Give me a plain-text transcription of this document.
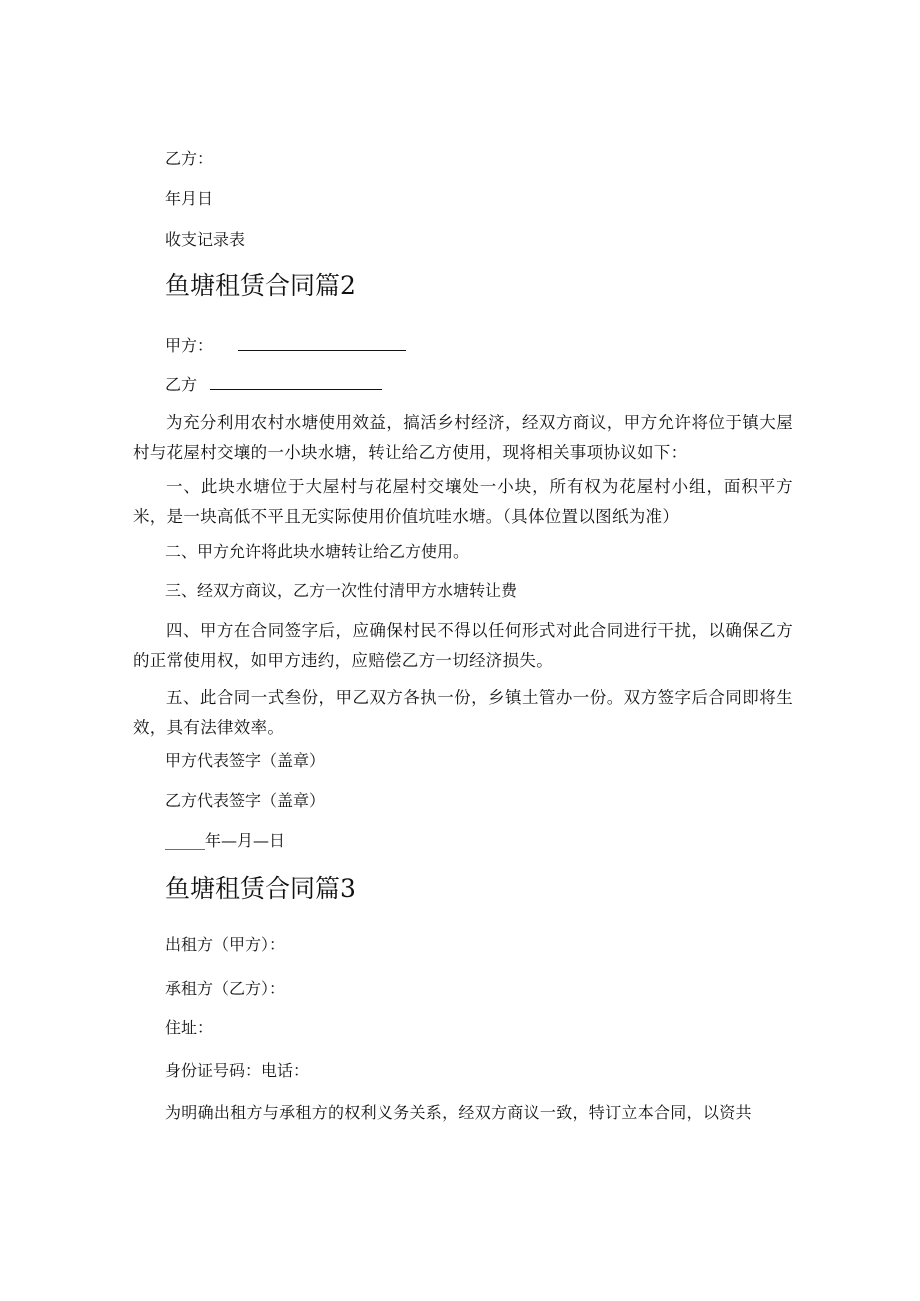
乙方：

年月日

收支记录表

鱼塘租赁合同篇2
甲方：
乙方

为充分利用农村水塘使用效益，搞活乡村经济，经双方商议，甲方允许将位于镇大屋村与花屋村交壤的一小块水塘，转让给乙方使用，现将相关事项协议如下：

一、此块水塘位于大屋村与花屋村交壤处一小块，所有权为花屋村小组，面积平方米，是一块高低不平且无实际使用价值坑哇水塘。（具体位置以图纸为准）

二、甲方允许将此块水塘转让给乙方使用。

三、经双方商议，乙方一次性付清甲方水塘转让费

四、甲方在合同签字后，应确保村民不得以任何形式对此合同进行干扰，以确保乙方的正常使用权，如甲方违约，应赔偿乙方一切经济损失。

五、此合同一式叁份，甲乙双方各执一份，乡镇土管办一份。双方签字后合同即将生效，具有法律效率。

甲方代表签字（盖章）

乙方代表签字（盖章）

_____年—月—日

鱼塘租赁合同篇3

出租方（甲方）：

承租方（乙方）：

住址：

身份证号码：电话：

为明确出租方与承租方的权利义务关系，经双方商议一致，特订立本合同，以资共
